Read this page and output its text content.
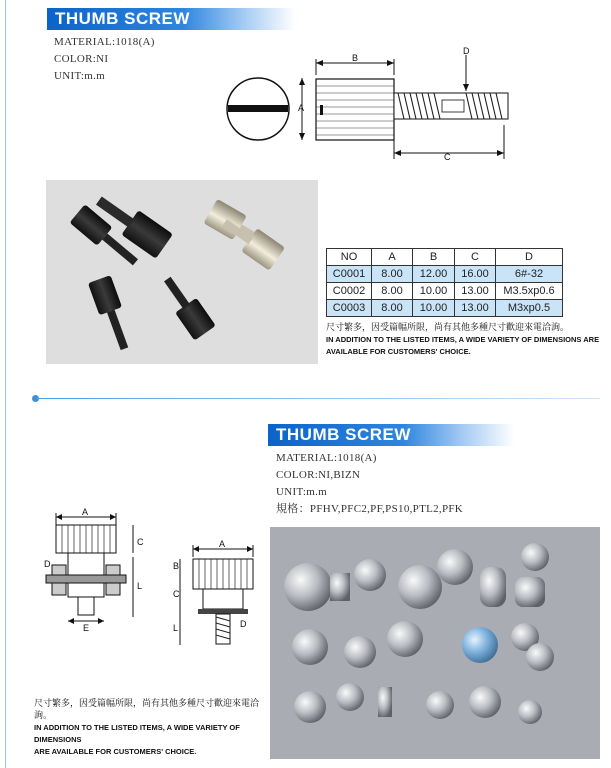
THUMB SCREW
MATERIAL:1018(A)
COLOR:NI
UNIT:m.m
A
B
D
C
NO	A	B	C	D
C0001	8.00	12.00	16.00	6#-32
C0002	8.00	10.00	13.00	M3.5xp0.6
C0003	8.00	10.00	13.00	M3xp0.5
尺寸繁多，因受篇幅所限，尚有其他多種尺寸歡迎來電洽詢。
IN ADDITION TO THE LISTED ITEMS, A WIDE VARIETY OF DIMENSIONS ARE
AVAILABLE FOR CUSTOMERS' CHOICE.
THUMB SCREW
MATERIAL:1018(A)
COLOR:NI,BIZN
UNIT:m.m
規格：PFHV,PFC2,PF,PS10,PTL2,PFK
A
D
C
L
E
A
B
C
L	D
尺寸繁多，因受篇幅所限，尚有其他多種尺寸歡迎來電洽詢。
IN ADDITION TO THE LISTED ITEMS, A WIDE VARIETY OF DIMENSIONS
ARE AVAILABLE FOR CUSTOMERS' CHOICE.
